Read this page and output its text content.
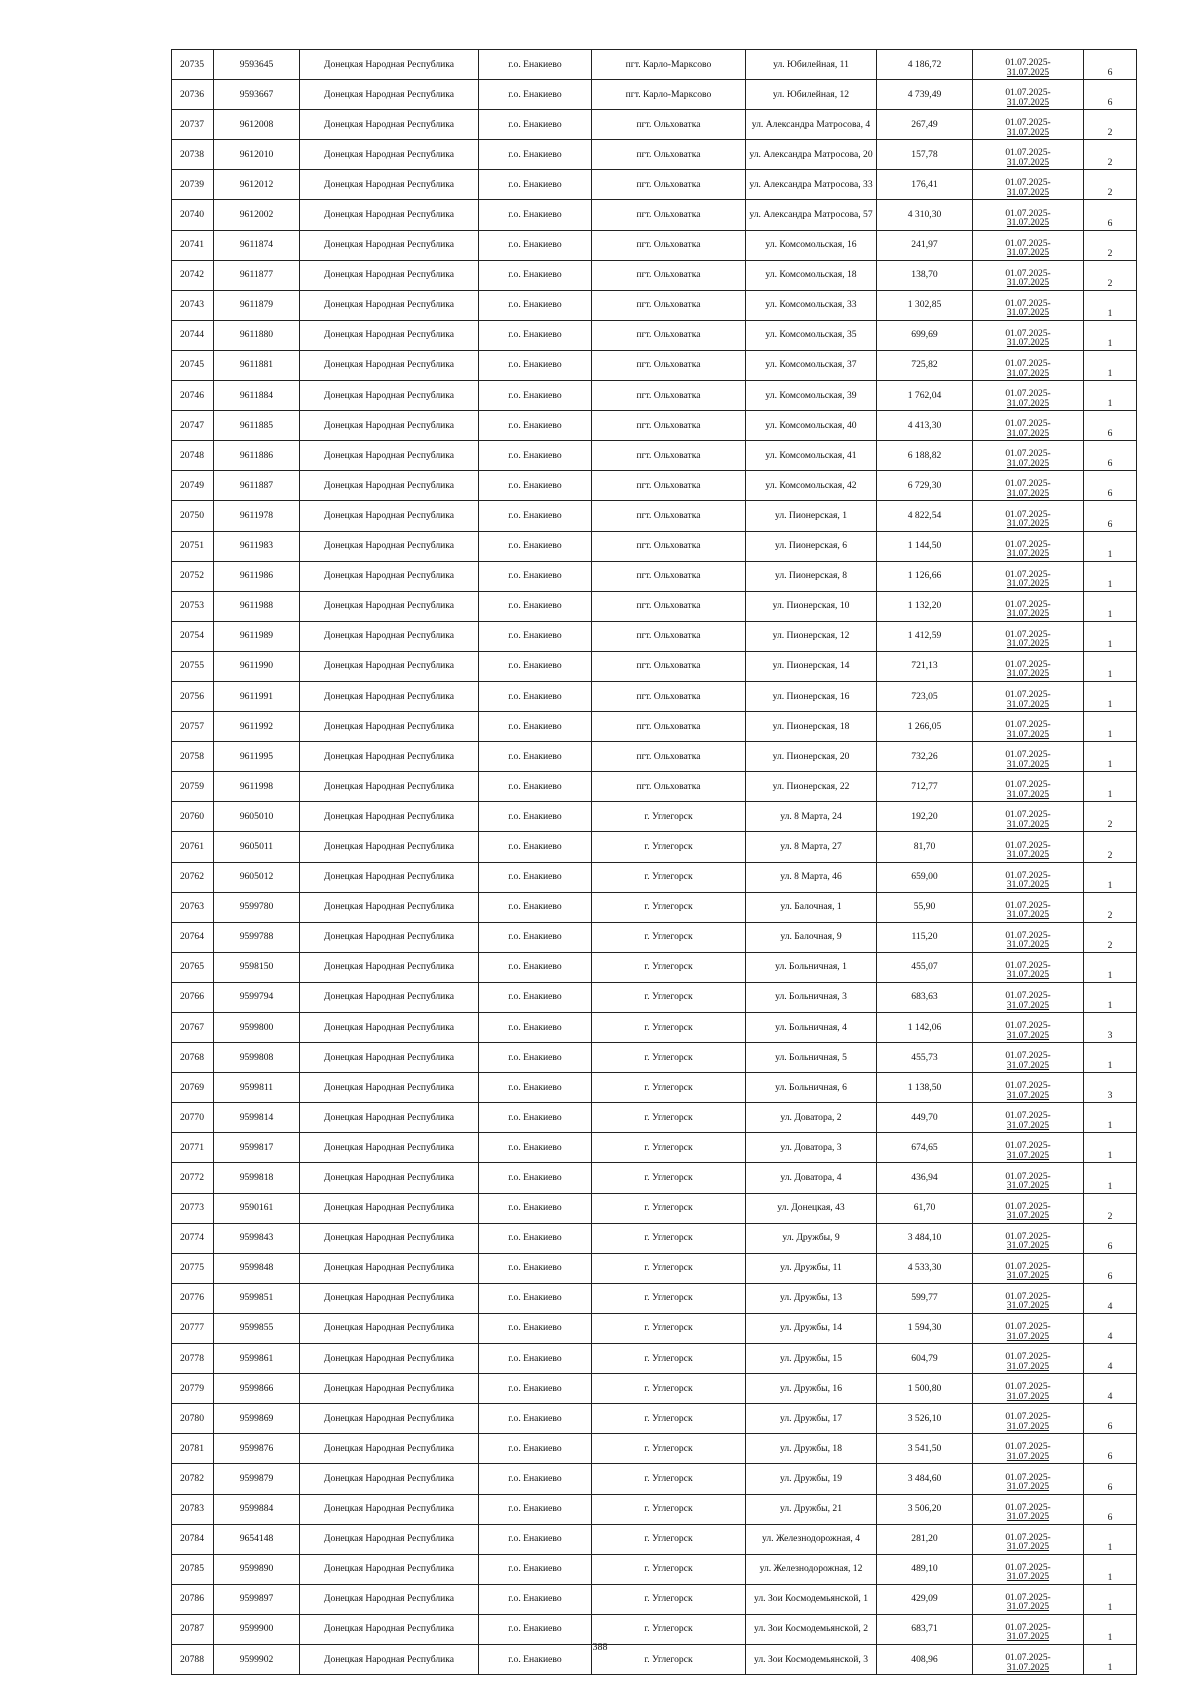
20735	9593645	Донецкая Народная Республика	г.о. Енакиево	пгт. Карло-Марксово	ул. Юбилейная, 11	4 186,72	01.07.2025-
31.07.2025	6
20736	9593667	Донецкая Народная Республика	г.о. Енакиево	пгт. Карло-Марксово	ул. Юбилейная, 12	4 739,49	01.07.2025-
31.07.2025	6
20737	9612008	Донецкая Народная Республика	г.о. Енакиево	пгт. Ольховатка	ул. Александра Матросова, 4	267,49	01.07.2025-
31.07.2025	2
20738	9612010	Донецкая Народная Республика	г.о. Енакиево	пгт. Ольховатка	ул. Александра Матросова, 20	157,78	01.07.2025-
31.07.2025	2
20739	9612012	Донецкая Народная Республика	г.о. Енакиево	пгт. Ольховатка	ул. Александра Матросова, 33	176,41	01.07.2025-
31.07.2025	2
20740	9612002	Донецкая Народная Республика	г.о. Енакиево	пгт. Ольховатка	ул. Александра Матросова, 57	4 310,30	01.07.2025-
31.07.2025	6
20741	9611874	Донецкая Народная Республика	г.о. Енакиево	пгт. Ольховатка	ул. Комсомольская, 16	241,97	01.07.2025-
31.07.2025	2
20742	9611877	Донецкая Народная Республика	г.о. Енакиево	пгт. Ольховатка	ул. Комсомольская, 18	138,70	01.07.2025-
31.07.2025	2
20743	9611879	Донецкая Народная Республика	г.о. Енакиево	пгт. Ольховатка	ул. Комсомольская, 33	1 302,85	01.07.2025-
31.07.2025	1
20744	9611880	Донецкая Народная Республика	г.о. Енакиево	пгт. Ольховатка	ул. Комсомольская, 35	699,69	01.07.2025-
31.07.2025	1
20745	9611881	Донецкая Народная Республика	г.о. Енакиево	пгт. Ольховатка	ул. Комсомольская, 37	725,82	01.07.2025-
31.07.2025	1
20746	9611884	Донецкая Народная Республика	г.о. Енакиево	пгт. Ольховатка	ул. Комсомольская, 39	1 762,04	01.07.2025-
31.07.2025	1
20747	9611885	Донецкая Народная Республика	г.о. Енакиево	пгт. Ольховатка	ул. Комсомольская, 40	4 413,30	01.07.2025-
31.07.2025	6
20748	9611886	Донецкая Народная Республика	г.о. Енакиево	пгт. Ольховатка	ул. Комсомольская, 41	6 188,82	01.07.2025-
31.07.2025	6
20749	9611887	Донецкая Народная Республика	г.о. Енакиево	пгт. Ольховатка	ул. Комсомольская, 42	6 729,30	01.07.2025-
31.07.2025	6
20750	9611978	Донецкая Народная Республика	г.о. Енакиево	пгт. Ольховатка	ул. Пионерская, 1	4 822,54	01.07.2025-
31.07.2025	6
20751	9611983	Донецкая Народная Республика	г.о. Енакиево	пгт. Ольховатка	ул. Пионерская, 6	1 144,50	01.07.2025-
31.07.2025	1
20752	9611986	Донецкая Народная Республика	г.о. Енакиево	пгт. Ольховатка	ул. Пионерская, 8	1 126,66	01.07.2025-
31.07.2025	1
20753	9611988	Донецкая Народная Республика	г.о. Енакиево	пгт. Ольховатка	ул. Пионерская, 10	1 132,20	01.07.2025-
31.07.2025	1
20754	9611989	Донецкая Народная Республика	г.о. Енакиево	пгт. Ольховатка	ул. Пионерская, 12	1 412,59	01.07.2025-
31.07.2025	1
20755	9611990	Донецкая Народная Республика	г.о. Енакиево	пгт. Ольховатка	ул. Пионерская, 14	721,13	01.07.2025-
31.07.2025	1
20756	9611991	Донецкая Народная Республика	г.о. Енакиево	пгт. Ольховатка	ул. Пионерская, 16	723,05	01.07.2025-
31.07.2025	1
20757	9611992	Донецкая Народная Республика	г.о. Енакиево	пгт. Ольховатка	ул. Пионерская, 18	1 266,05	01.07.2025-
31.07.2025	1
20758	9611995	Донецкая Народная Республика	г.о. Енакиево	пгт. Ольховатка	ул. Пионерская, 20	732,26	01.07.2025-
31.07.2025	1
20759	9611998	Донецкая Народная Республика	г.о. Енакиево	пгт. Ольховатка	ул. Пионерская, 22	712,77	01.07.2025-
31.07.2025	1
20760	9605010	Донецкая Народная Республика	г.о. Енакиево	г. Углегорск	ул. 8 Марта, 24	192,20	01.07.2025-
31.07.2025	2
20761	9605011	Донецкая Народная Республика	г.о. Енакиево	г. Углегорск	ул. 8 Марта, 27	81,70	01.07.2025-
31.07.2025	2
20762	9605012	Донецкая Народная Республика	г.о. Енакиево	г. Углегорск	ул. 8 Марта, 46	659,00	01.07.2025-
31.07.2025	1
20763	9599780	Донецкая Народная Республика	г.о. Енакиево	г. Углегорск	ул. Балочная, 1	55,90	01.07.2025-
31.07.2025	2
20764	9599788	Донецкая Народная Республика	г.о. Енакиево	г. Углегорск	ул. Балочная, 9	115,20	01.07.2025-
31.07.2025	2
20765	9598150	Донецкая Народная Республика	г.о. Енакиево	г. Углегорск	ул. Больничная, 1	455,07	01.07.2025-
31.07.2025	1
20766	9599794	Донецкая Народная Республика	г.о. Енакиево	г. Углегорск	ул. Больничная, 3	683,63	01.07.2025-
31.07.2025	1
20767	9599800	Донецкая Народная Республика	г.о. Енакиево	г. Углегорск	ул. Больничная, 4	1 142,06	01.07.2025-
31.07.2025	3
20768	9599808	Донецкая Народная Республика	г.о. Енакиево	г. Углегорск	ул. Больничная, 5	455,73	01.07.2025-
31.07.2025	1
20769	9599811	Донецкая Народная Республика	г.о. Енакиево	г. Углегорск	ул. Больничная, 6	1 138,50	01.07.2025-
31.07.2025	3
20770	9599814	Донецкая Народная Республика	г.о. Енакиево	г. Углегорск	ул. Доватора, 2	449,70	01.07.2025-
31.07.2025	1
20771	9599817	Донецкая Народная Республика	г.о. Енакиево	г. Углегорск	ул. Доватора, 3	674,65	01.07.2025-
31.07.2025	1
20772	9599818	Донецкая Народная Республика	г.о. Енакиево	г. Углегорск	ул. Доватора, 4	436,94	01.07.2025-
31.07.2025	1
20773	9590161	Донецкая Народная Республика	г.о. Енакиево	г. Углегорск	ул. Донецкая, 43	61,70	01.07.2025-
31.07.2025	2
20774	9599843	Донецкая Народная Республика	г.о. Енакиево	г. Углегорск	ул. Дружбы, 9	3 484,10	01.07.2025-
31.07.2025	6
20775	9599848	Донецкая Народная Республика	г.о. Енакиево	г. Углегорск	ул. Дружбы, 11	4 533,30	01.07.2025-
31.07.2025	6
20776	9599851	Донецкая Народная Республика	г.о. Енакиево	г. Углегорск	ул. Дружбы, 13	599,77	01.07.2025-
31.07.2025	4
20777	9599855	Донецкая Народная Республика	г.о. Енакиево	г. Углегорск	ул. Дружбы, 14	1 594,30	01.07.2025-
31.07.2025	4
20778	9599861	Донецкая Народная Республика	г.о. Енакиево	г. Углегорск	ул. Дружбы, 15	604,79	01.07.2025-
31.07.2025	4
20779	9599866	Донецкая Народная Республика	г.о. Енакиево	г. Углегорск	ул. Дружбы, 16	1 500,80	01.07.2025-
31.07.2025	4
20780	9599869	Донецкая Народная Республика	г.о. Енакиево	г. Углегорск	ул. Дружбы, 17	3 526,10	01.07.2025-
31.07.2025	6
20781	9599876	Донецкая Народная Республика	г.о. Енакиево	г. Углегорск	ул. Дружбы, 18	3 541,50	01.07.2025-
31.07.2025	6
20782	9599879	Донецкая Народная Республика	г.о. Енакиево	г. Углегорск	ул. Дружбы, 19	3 484,60	01.07.2025-
31.07.2025	6
20783	9599884	Донецкая Народная Республика	г.о. Енакиево	г. Углегорск	ул. Дружбы, 21	3 506,20	01.07.2025-
31.07.2025	6
20784	9654148	Донецкая Народная Республика	г.о. Енакиево	г. Углегорск	ул. Железнодорожная, 4	281,20	01.07.2025-
31.07.2025	1
20785	9599890	Донецкая Народная Республика	г.о. Енакиево	г. Углегорск	ул. Железнодорожная, 12	489,10	01.07.2025-
31.07.2025	1
20786	9599897	Донецкая Народная Республика	г.о. Енакиево	г. Углегорск	ул. Зои Космодемьянской, 1	429,09	01.07.2025-
31.07.2025	1
20787	9599900	Донецкая Народная Республика	г.о. Енакиево	г. Углегорск	ул. Зои Космодемьянской, 2	683,71	01.07.2025-
31.07.2025	1
20788	9599902	Донецкая Народная Республика	г.о. Енакиево	г. Углегорск	ул. Зои Космодемьянской, 3	408,96	01.07.2025-
31.07.2025	1
388
